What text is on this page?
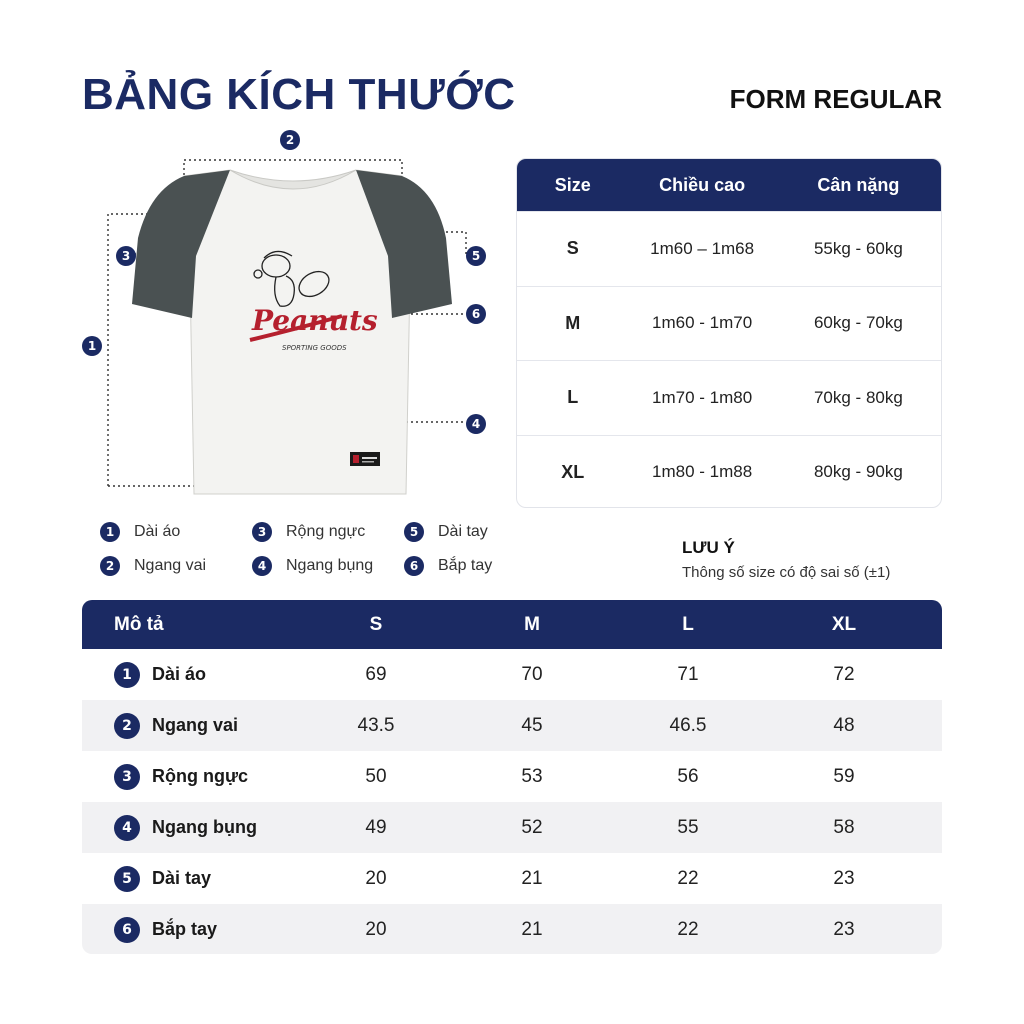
BẢNG KÍCH THƯỚC	FORM REGULAR
Peanuts
SPORTING GOODS
2
3	5
6
1
4
Size	Chiều cao	Cân nặng
S	1m60 – 1m68	55kg - 60kg
M	1m60 - 1m70	60kg - 70kg
L	1m70 - 1m80	70kg - 80kg
XL	1m80 - 1m88	80kg - 90kg
1	Dài áo
2	Ngang vai
3	Rộng ngực
4	Ngang bụng
5	Dài tay
6	Bắp tay
LƯU Ý
Thông số size có độ sai số (±1)
Mô tả	S	M	L	XL
1	Dài áo	69	70	71	72
2	Ngang vai	43.5	45	46.5	48
3	Rộng ngực	50	53	56	59
4	Ngang bụng	49	52	55	58
5	Dài tay	20	21	22	23
6	Bắp tay	20	21	22	23
